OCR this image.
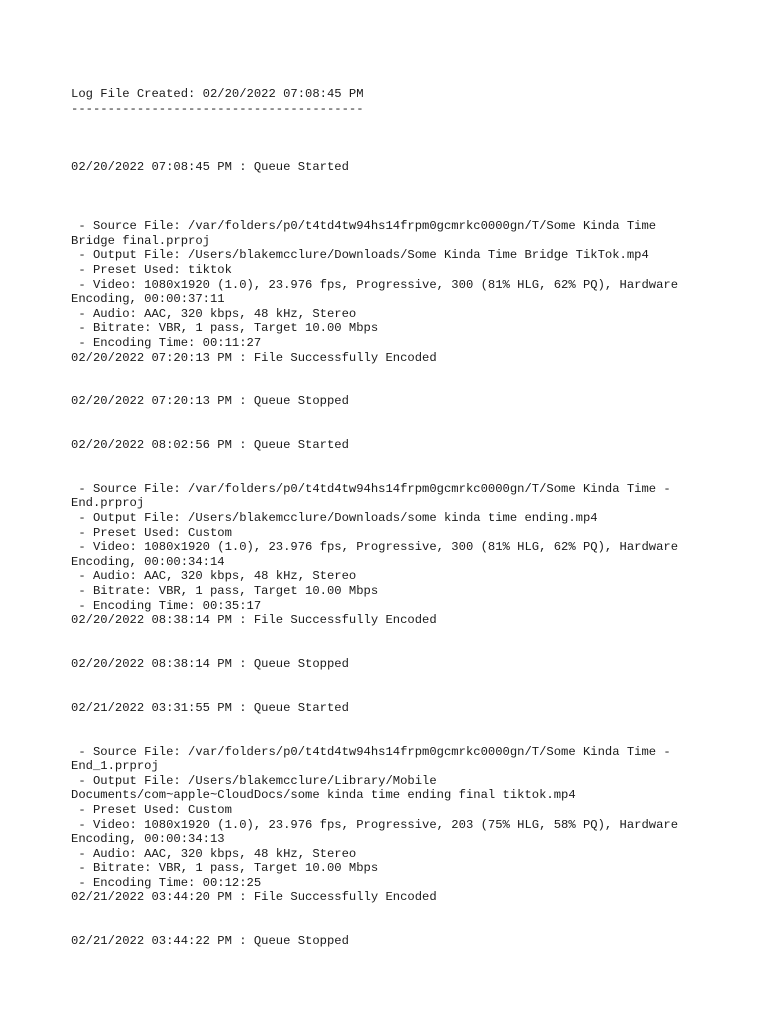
Log File Created: 02/20/2022 07:08:45 PM
----------------------------------------
02/20/2022 07:08:45 PM : Queue Started
- Source File: /var/folders/p0/t4td4tw94hs14frpm0gcmrkc0000gn/T/Some Kinda Time
Bridge final.prproj
- Output File: /Users/blakemcclure/Downloads/Some Kinda Time Bridge TikTok.mp4
- Preset Used: tiktok
- Video: 1080x1920 (1.0), 23.976 fps, Progressive, 300 (81% HLG, 62% PQ), Hardware
Encoding, 00:00:37:11
- Audio: AAC, 320 kbps, 48 kHz, Stereo
- Bitrate: VBR, 1 pass, Target 10.00 Mbps
- Encoding Time: 00:11:27
02/20/2022 07:20:13 PM : File Successfully Encoded
02/20/2022 07:20:13 PM : Queue Stopped
02/20/2022 08:02:56 PM : Queue Started
- Source File: /var/folders/p0/t4td4tw94hs14frpm0gcmrkc0000gn/T/Some Kinda Time -
End.prproj
- Output File: /Users/blakemcclure/Downloads/some kinda time ending.mp4
- Preset Used: Custom
- Video: 1080x1920 (1.0), 23.976 fps, Progressive, 300 (81% HLG, 62% PQ), Hardware
Encoding, 00:00:34:14
- Audio: AAC, 320 kbps, 48 kHz, Stereo
- Bitrate: VBR, 1 pass, Target 10.00 Mbps
- Encoding Time: 00:35:17
02/20/2022 08:38:14 PM : File Successfully Encoded
02/20/2022 08:38:14 PM : Queue Stopped
02/21/2022 03:31:55 PM : Queue Started
- Source File: /var/folders/p0/t4td4tw94hs14frpm0gcmrkc0000gn/T/Some Kinda Time -
End_1.prproj
- Output File: /Users/blakemcclure/Library/Mobile
Documents/com~apple~CloudDocs/some kinda time ending final tiktok.mp4
- Preset Used: Custom
- Video: 1080x1920 (1.0), 23.976 fps, Progressive, 203 (75% HLG, 58% PQ), Hardware
Encoding, 00:00:34:13
- Audio: AAC, 320 kbps, 48 kHz, Stereo
- Bitrate: VBR, 1 pass, Target 10.00 Mbps
- Encoding Time: 00:12:25
02/21/2022 03:44:20 PM : File Successfully Encoded
02/21/2022 03:44:22 PM : Queue Stopped
